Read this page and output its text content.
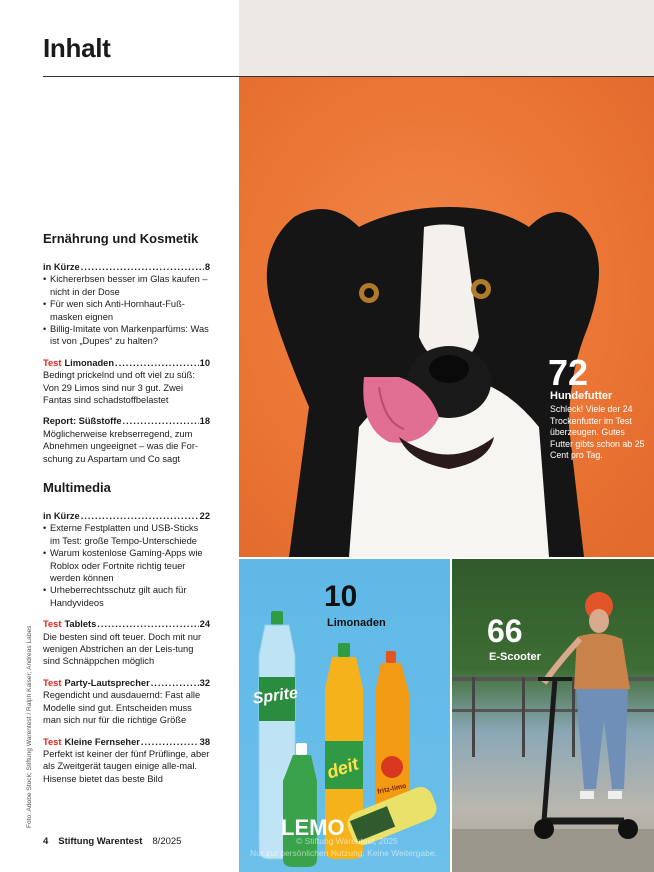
Inhalt
Ernährung und Kosmetik
in Kürze .....	8
• Kichererbsen besser im Glas kaufen – nicht in der Dose
• Für wen sich Anti-Hornhaut-Fuß-masken eignen
• Billig-Imitate von Markenparfüms: Was ist von „Dupes“ zu halten?
Test Limonaden .....	10
Bedingt prickelnd und oft viel zu süß: Von 29 Limos sind nur 3 gut. Zwei Fantas sind schadstoffbelastet
Report: Süßstoffe .....	18
Möglicherweise krebserregend, zum Abnehmen ungeeignet – was die For-schung zu Aspartam und Co sagt
Multimedia
in Kürze .....	22
• Externe Festplatten und USB-Sticks im Test: große Tempo-Unterschiede
• Warum kostenlose Gaming-Apps wie Roblox oder Fortnite richtig teuer werden können
• Urheberrechtsschutz gilt auch für Handyvideos
Test Tablets .....	24
Die besten sind oft teuer. Doch mit nur wenigen Abstrichen an der Leis-tung sind Schnäppchen möglich
Test Party-Lautsprecher .....	32
Regendicht und ausdauernd: Fast alle Modelle sind gut. Entscheiden muss man sich nur für die richtige Größe
Test Kleine Fernseher .....	38
Perfekt ist keiner der fünf Prüflinge, aber als Zweitgerät taugen einige alle-mal. Hisense bietet das beste Bild
Foto: Adobe Stock; Stiftung Warentest / Ralph Kaiser; Andreas Labes
4 Stiftung Warentest 8/2025
72
Hundefutter
Schleck! Viele der 24 Trockenfutter im Test überzeugen. Gutes Futter gibts schon ab 25 Cent pro Tag.
Sprite
deit
fritz-limo
LEMO
10
Limonaden	66
E-Scooter
© Stiftung Warentest, 2025
Nur zur persönlichen Nutzung. Keine Weitergabe.
